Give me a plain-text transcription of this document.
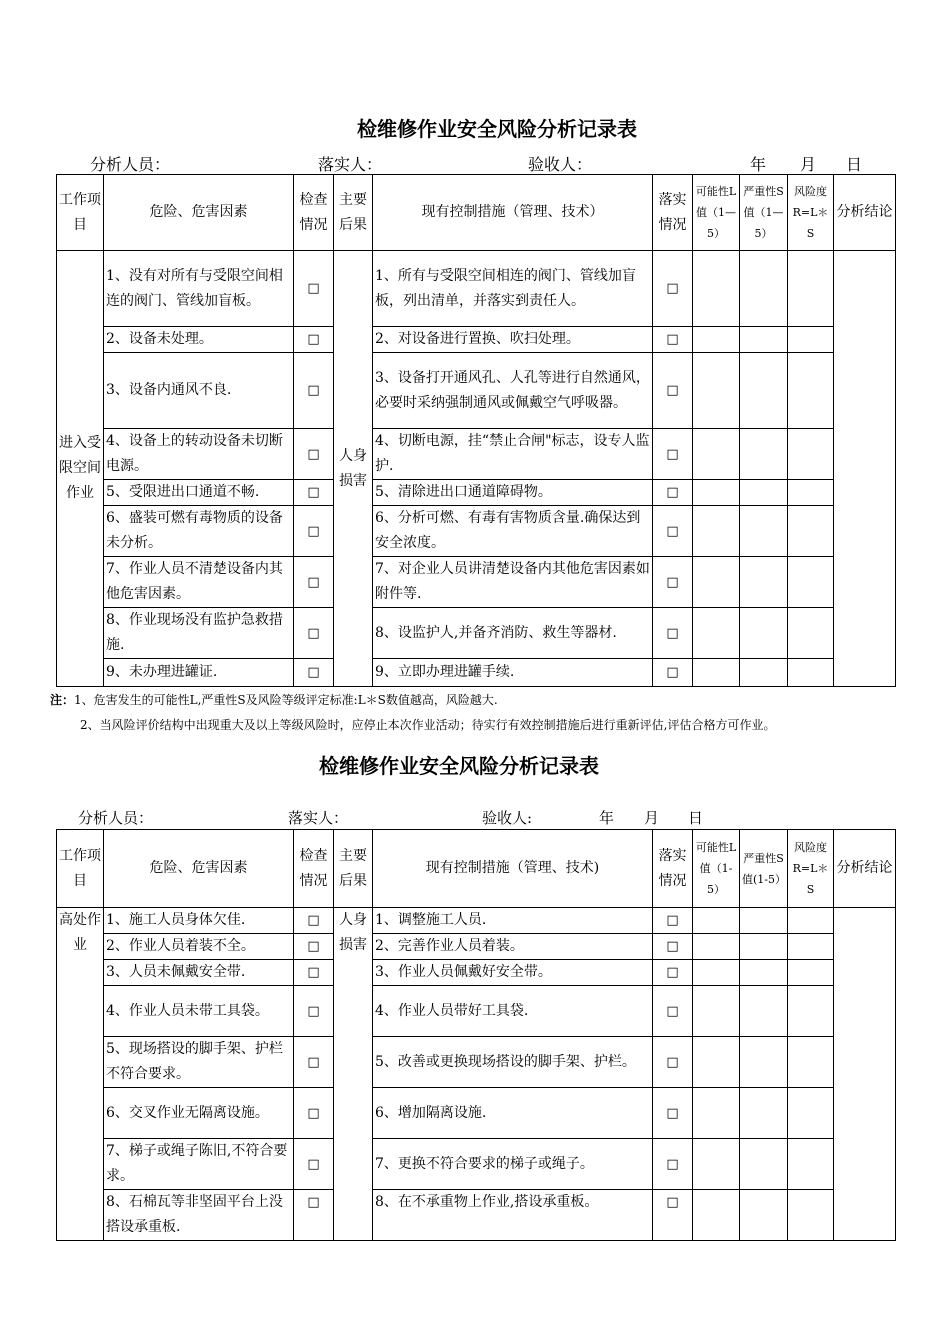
检维修作业安全风险分析记录表
分析人员：	落实人：	验收人：	年 月 日
工作项目	危险、危害因素	检查情况	主要后果	现有控制措施（管理、技术）	落实情况	可能性L值（1—5）	严重性S值（1—5）	风险度R=L＊S	分析结论
进入受限空间作业	1、没有对所有与受限空间相连的阀门、管线加盲板。	□	人身损害	1、所有与受限空间相连的阀门、管线加盲板，列出清单，并落实到责任人。	□				
	2、设备未处理。	□		2、对设备进行置换、吹扫处理。	□				
	3、设备内通风不良.	□		3、设备打开通风孔、人孔等进行自然通风，必要时采纳强制通风或佩戴空气呼吸器。	□				
	4、设备上的转动设备未切断电源。	□		4、切断电源，挂“禁止合闸"标志，设专人监护.	□				
	5、受限进出口通道不畅.	□		5、清除进出口通道障碍物。	□				
	6、盛装可燃有毒物质的设备未分析。	□		6、分析可燃、有毒有害物质含量.确保达到安全浓度。	□				
	7、作业人员不清楚设备内其他危害因素。	□		7、对企业人员讲清楚设备内其他危害因素如附件等.	□				
	8、作业现场没有监护急救措施.	□		8、设监护人,并备齐消防、救生等器材.	□				
	9、未办理进罐证.	□		9、立即办理进罐手续.	□				
注：1、危害发生的可能性L,严重性S及风险等级评定标准:L＊S数值越高，风险越大.
2、当风险评价结构中出现重大及以上等级风险时，应停止本次作业活动；待实行有效控制措施后进行重新评估,评估合格方可作业。
检维修作业安全风险分析记录表
分析人员：	落实人：	验收人:	年 月 日
工作项目	危险、危害因素	检查情况	主要后果	现有控制措施（管理、技术)	落实情况	可能性L值（1-5）	严重性S值(1-5）	风险度R=L＊S	分析结论
高处作业	1、施工人员身体欠佳.	□	人身损害	1、调整施工人员.	□				
	2、作业人员着装不全。	□		2、完善作业人员着装。	□				
	3、人员未佩戴安全带.	□		3、作业人员佩戴好安全带。	□				
	4、作业人员未带工具袋。	□		4、作业人员带好工具袋.	□				
	5、现场搭设的脚手架、护栏不符合要求。	□		5、改善或更换现场搭设的脚手架、护栏。	□				
	6、交叉作业无隔离设施。	□		6、增加隔离设施.	□				
	7、梯子或绳子陈旧,不符合要求。	□		7、更换不符合要求的梯子或绳子。	□				
	8、石棉瓦等非坚固平台上没搭设承重板.	□		8、在不承重物上作业,搭设承重板。	□				
